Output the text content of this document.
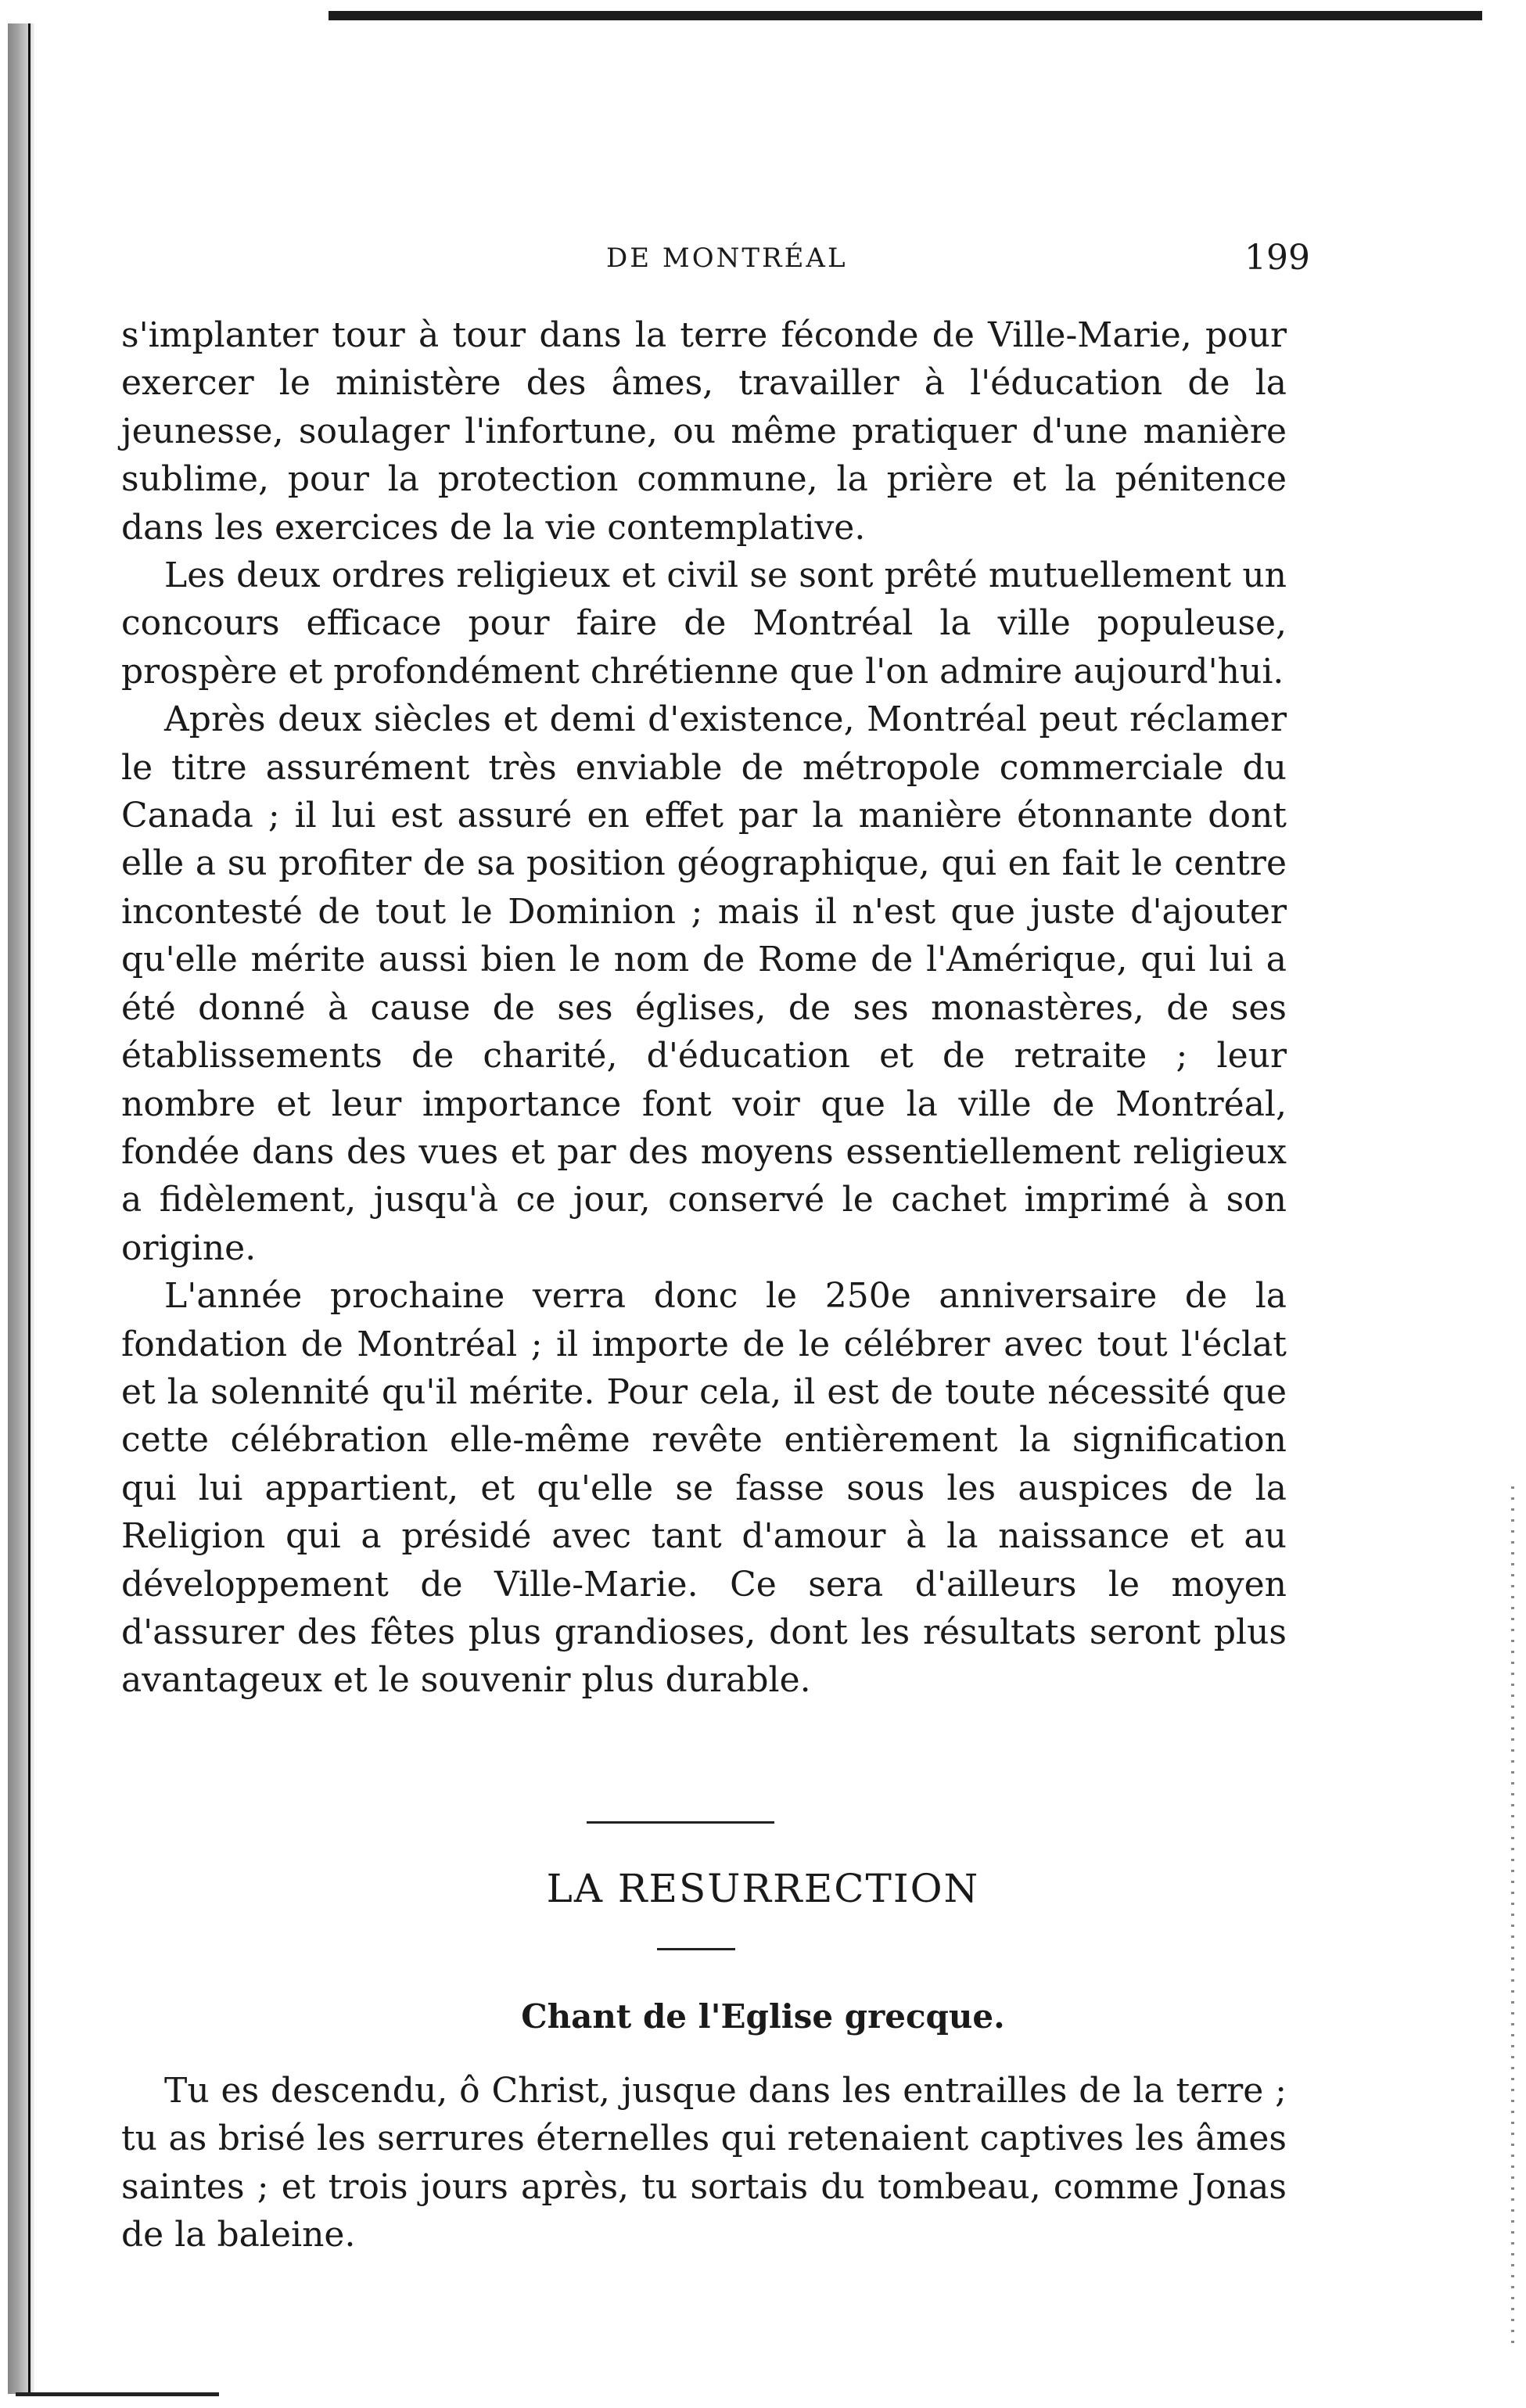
DE MONTRÉAL	199

s'implanter tour à tour dans la terre féconde de Ville-Marie, pour exercer le ministère des âmes, travailler à l'éducation de la jeunesse, soulager l'infortune, ou même pratiquer d'une manière sublime, pour la protection commune, la prière et la pénitence dans les exercices de la vie contemplative.

Les deux ordres religieux et civil se sont prêté mutuellement un concours efficace pour faire de Montréal la ville populeuse, prospère et profondément chrétienne que l'on admire aujourd'hui.

Après deux siècles et demi d'existence, Montréal peut réclamer le titre assurément très enviable de métropole commerciale du Canada ; il lui est assuré en effet par la manière étonnante dont elle a su profiter de sa position géographique, qui en fait le centre incontesté de tout le Dominion ; mais il n'est que juste d'ajouter qu'elle mérite aussi bien le nom de Rome de l'Amérique, qui lui a été donné à cause de ses églises, de ses monastères, de ses établissements de charité, d'éducation et de retraite ; leur nombre et leur importance font voir que la ville de Montréal, fondée dans des vues et par des moyens essentiellement religieux a fidèlement, jusqu'à ce jour, conservé le cachet imprimé à son origine.

L'année prochaine verra donc le 250e anniversaire de la fondation de Montréal ; il importe de le célébrer avec tout l'éclat et la solennité qu'il mérite. Pour cela, il est de toute nécessité que cette célébration elle-même revête entièrement la signification qui lui appartient, et qu'elle se fasse sous les auspices de la Religion qui a présidé avec tant d'amour à la naissance et au développement de Ville-Marie. Ce sera d'ailleurs le moyen d'assurer des fêtes plus grandioses, dont les résultats seront plus avantageux et le souvenir plus durable.

LA RESURRECTION
Chant de l'Eglise grecque.

Tu es descendu, ô Christ, jusque dans les entrailles de la terre ; tu as brisé les serrures éternelles qui retenaient captives les âmes saintes ; et trois jours après, tu sortais du tombeau, comme Jonas de la baleine.
